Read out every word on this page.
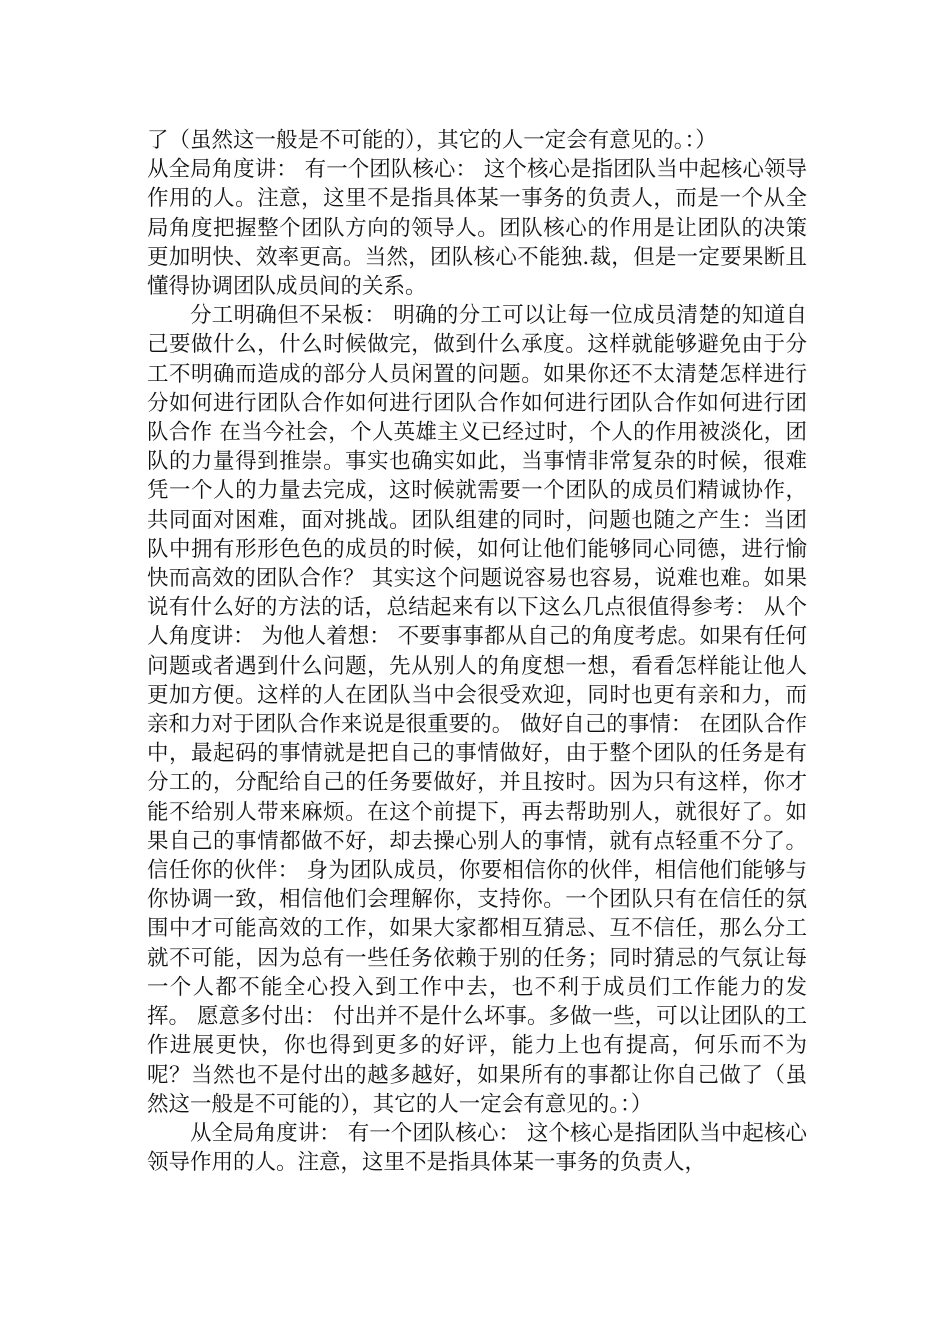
了（虽然这一般是不可能的），其它的人一定会有意见的。：）
从全局角度讲： 有一个团队核心： 这个核心是指团队当中起核心领导作用的人。注意，这里不是指具体某一事务的负责人，而是一个从全局角度把握整个团队方向的领导人。团队核心的作用是让团队的决策更加明快、效率更高。当然，团队核心不能独.裁，但是一定要果断且懂得协调团队成员间的关系。
分工明确但不呆板： 明确的分工可以让每一位成员清楚的知道自己要做什么，什么时候做完，做到什么承度。这样就能够避免由于分工不明确而造成的部分人员闲置的问题。如果你还不太清楚怎样进行分如何进行团队合作如何进行团队合作如何进行团队合作如何进行团队合作 在当今社会，个人英雄主义已经过时，个人的作用被淡化，团队的力量得到推崇。事实也确实如此，当事情非常复杂的时候，很难凭一个人的力量去完成，这时候就需要一个团队的成员们精诚协作，共同面对困难，面对挑战。团队组建的同时，问题也随之产生：当团队中拥有形形色色的成员的时候，如何让他们能够同心同德，进行愉快而高效的团队合作？ 其实这个问题说容易也容易，说难也难。如果说有什么好的方法的话，总结起来有以下这么几点很值得参考： 从个人角度讲： 为他人着想： 不要事事都从自己的角度考虑。如果有任何问题或者遇到什么问题，先从别人的角度想一想，看看怎样能让他人更加方便。这样的人在团队当中会很受欢迎，同时也更有亲和力，而亲和力对于团队合作来说是很重要的。 做好自己的事情： 在团队合作中，最起码的事情就是把自己的事情做好，由于整个团队的任务是有分工的，分配给自己的任务要做好，并且按时。因为只有这样，你才能不给别人带来麻烦。在这个前提下，再去帮助别人，就很好了。如果自己的事情都做不好，却去操心别人的事情，就有点轻重不分了。 信任你的伙伴： 身为团队成员，你要相信你的伙伴，相信他们能够与你协调一致，相信他们会理解你，支持你。一个团队只有在信任的氛围中才可能高效的工作，如果大家都相互猜忌、互不信任，那么分工就不可能，因为总有一些任务依赖于别的任务；同时猜忌的气氛让每一个人都不能全心投入到工作中去，也不利于成员们工作能力的发挥。 愿意多付出： 付出并不是什么坏事。多做一些，可以让团队的工作进展更快，你也得到更多的好评，能力上也有提高，何乐而不为呢？当然也不是付出的越多越好，如果所有的事都让你自己做了（虽然这一般是不可能的），其它的人一定会有意见的。：）
从全局角度讲： 有一个团队核心： 这个核心是指团队当中起核心领导作用的人。注意，这里不是指具体某一事务的负责人，
